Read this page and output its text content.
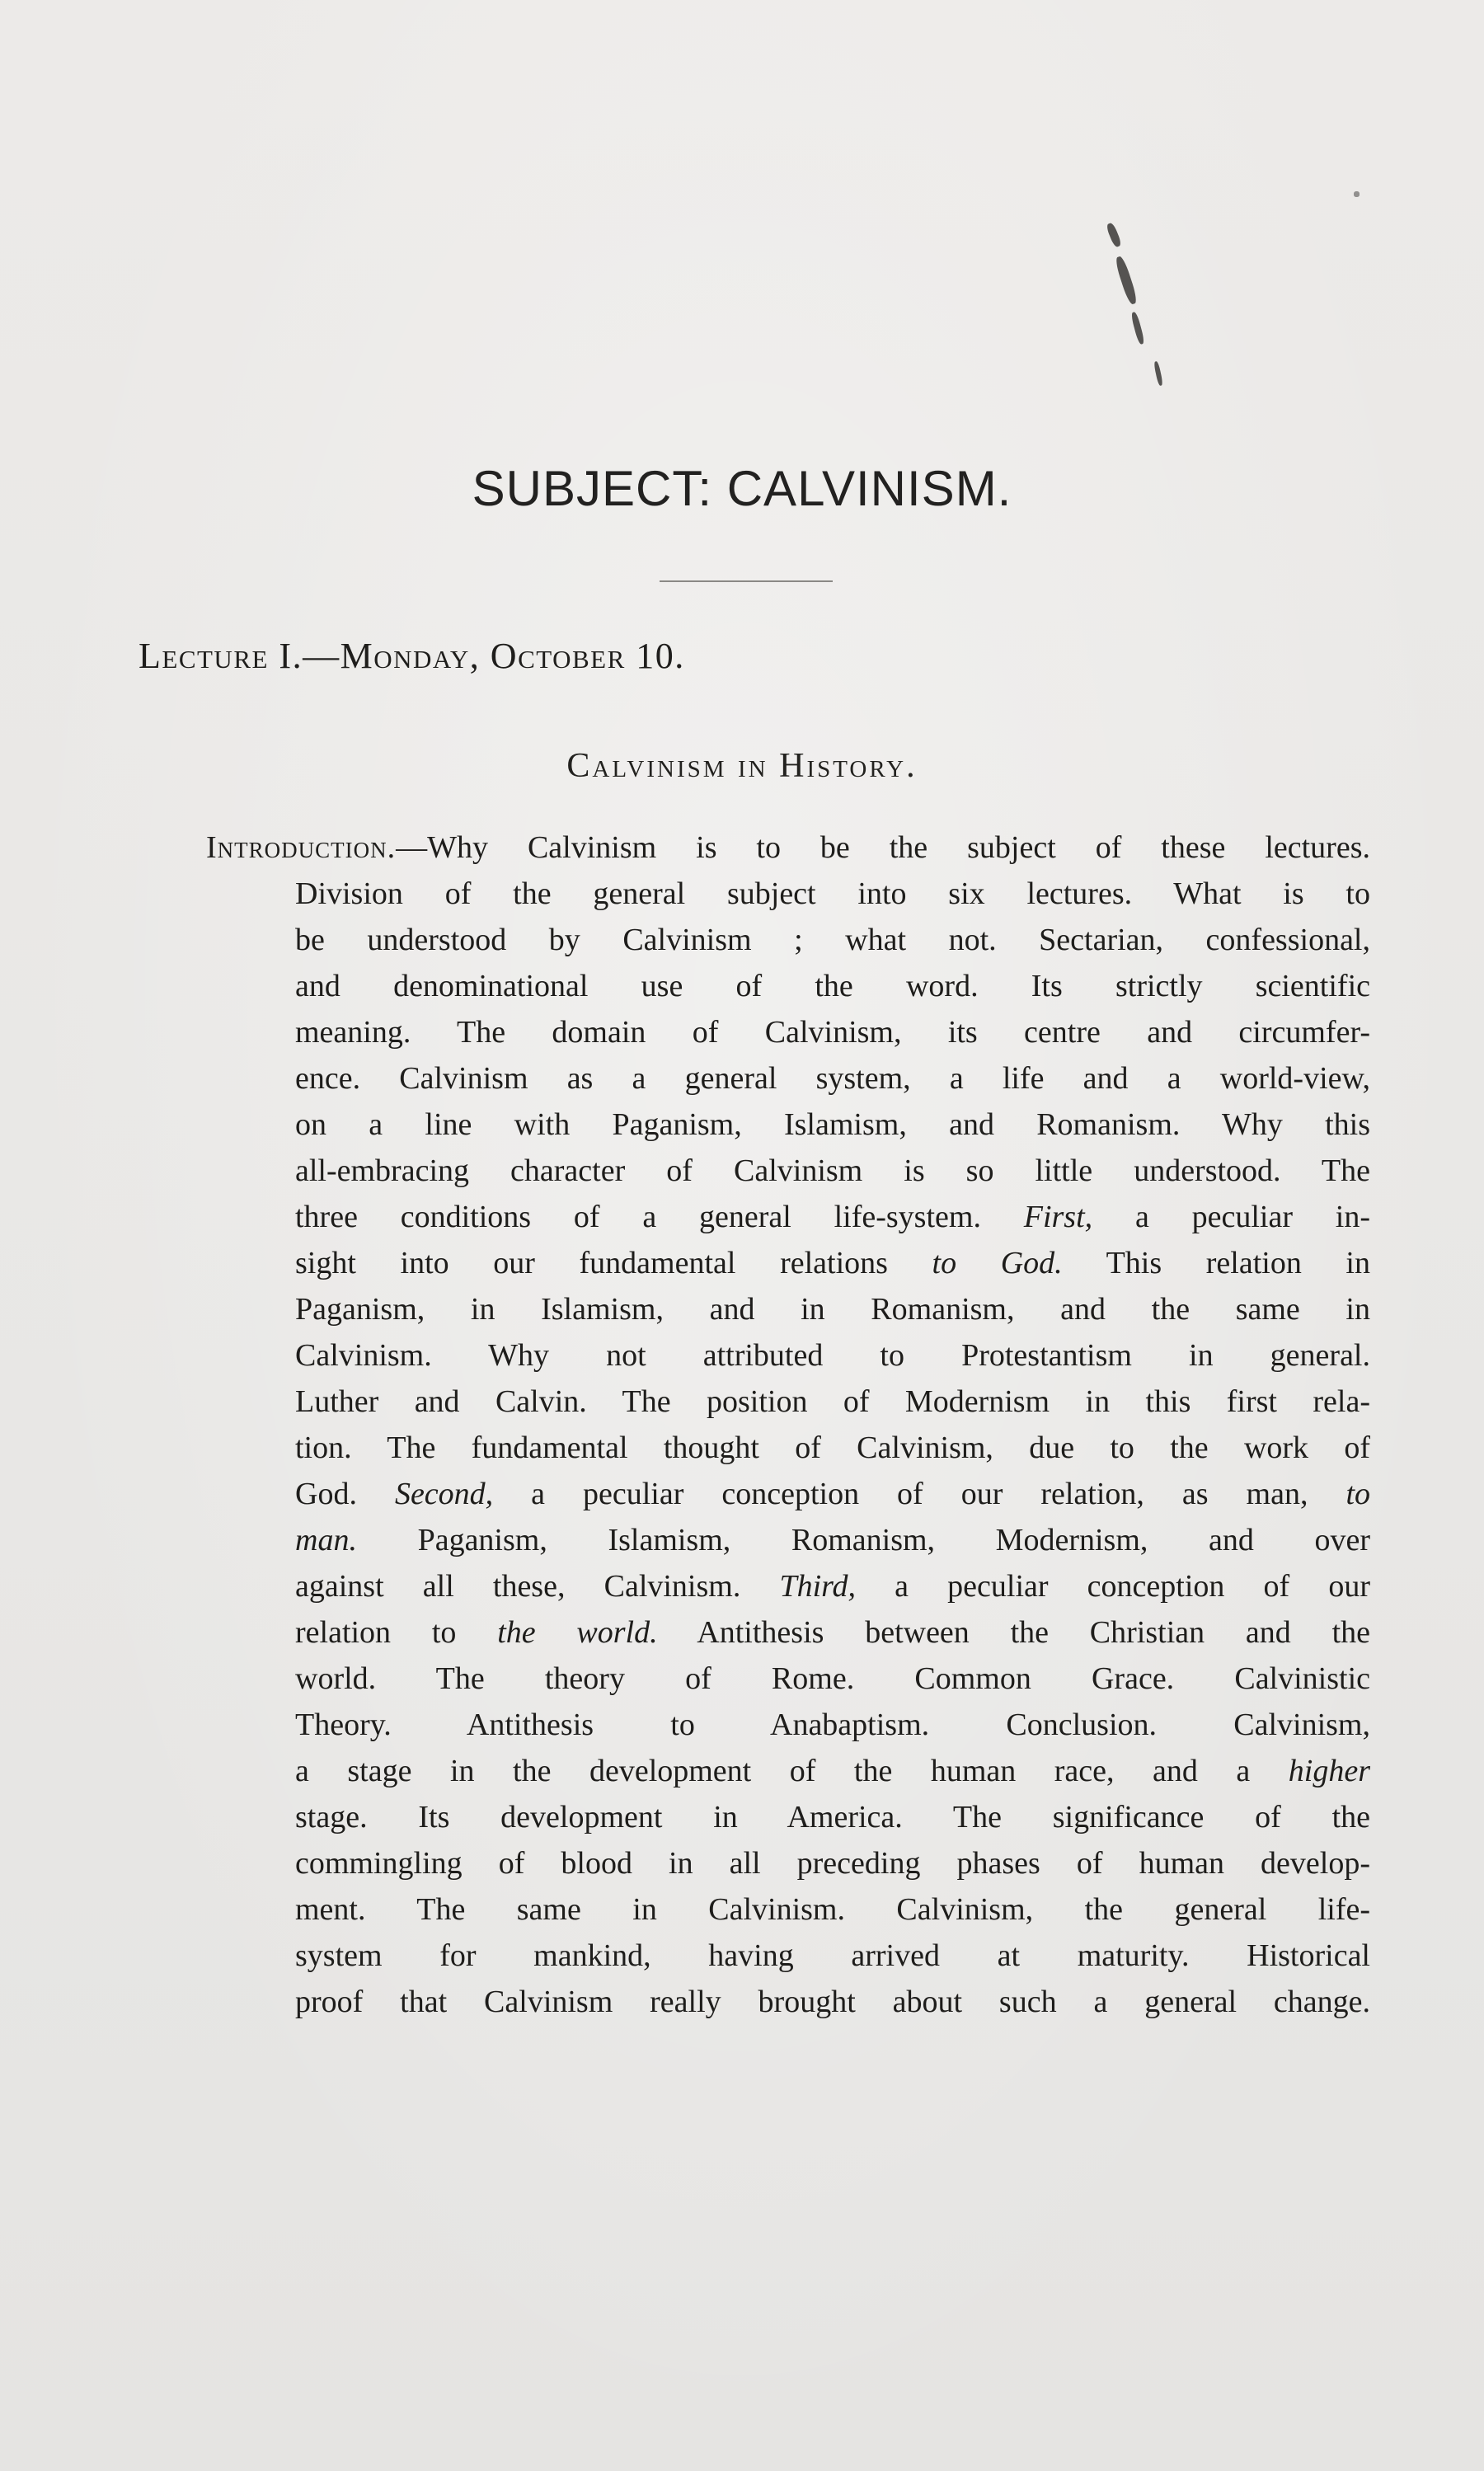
SUBJECT: CALVINISM.
Lecture I.—Monday, October 10.
Calvinism in History.
Introduction.—Why Calvinism is to be the subject of these lectures.
Division of the general subject into six lectures. What is to
be understood by Calvinism ; what not. Sectarian, confessional,
and denominational use of the word. Its strictly scientific
meaning. The domain of Calvinism, its centre and circumfer-
ence. Calvinism as a general system, a life and a world-view,
on a line with Paganism, Islamism, and Romanism. Why this
all-embracing character of Calvinism is so little understood. The
three conditions of a general life-system. First, a peculiar in-
sight into our fundamental relations to God. This relation in
Paganism, in Islamism, and in Romanism, and the same in
Calvinism. Why not attributed to Protestantism in general.
Luther and Calvin. The position of Modernism in this first rela-
tion. The fundamental thought of Calvinism, due to the work of
God. Second, a peculiar conception of our relation, as man, to
man. Paganism, Islamism, Romanism, Modernism, and over
against all these, Calvinism. Third, a peculiar conception of our
relation to the world. Antithesis between the Christian and the
world. The theory of Rome. Common Grace. Calvinistic
Theory. Antithesis to Anabaptism. Conclusion. Calvinism,
a stage in the development of the human race, and a higher
stage. Its development in America. The significance of the
commingling of blood in all preceding phases of human develop-
ment. The same in Calvinism. Calvinism, the general life-
system for mankind, having arrived at maturity. Historical
proof that Calvinism really brought about such a general change.
